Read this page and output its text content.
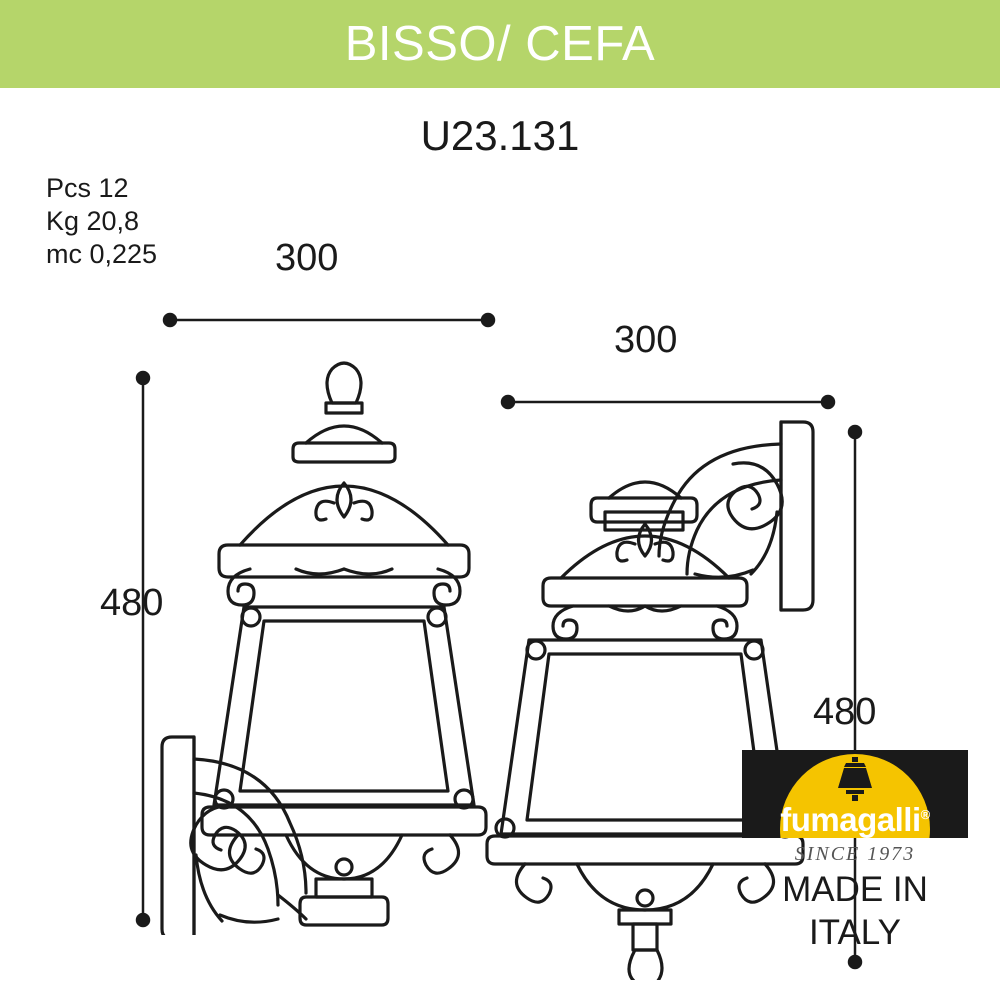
BISSO/ CEFA
U23.131
Pcs 12
Kg 20,8
mc 0,225	300
480
300
480
fumagalli®
SINCE 1973
MADE IN
ITALY
